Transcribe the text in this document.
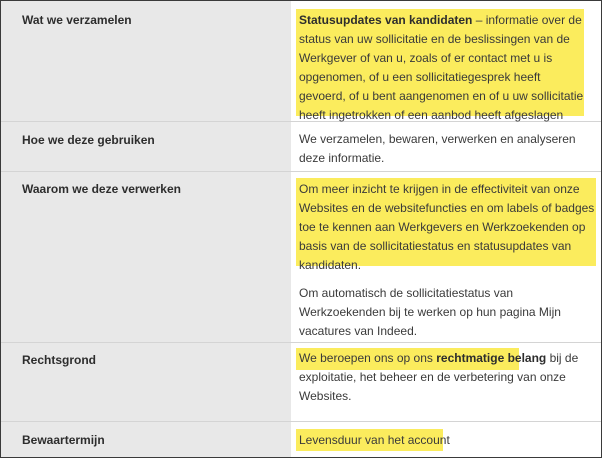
Wat we verzamelen	Statusupdates van kandidaten – informatie over de status van uw sollicitatie en de beslissingen van de Werkgever of van u, zoals of er contact met u is opgenomen, of u een sollicitatiegesprek heeft gevoerd, of u bent aangenomen en of u uw sollicitatie heeft ingetrokken of een aanbod heeft afgeslagen
Hoe we deze gebruiken	We verzamelen, bewaren, verwerken en analyseren deze informatie.
Waarom we deze verwerken	Om meer inzicht te krijgen in de effectiviteit van onze Websites en de websitefuncties en om labels of badges toe te kennen aan Werkgevers en Werkzoekenden op basis van de sollicitatiestatus en statusupdates van kandidaten.
Om automatisch de sollicitatiestatus van Werkzoekenden bij te werken op hun pagina Mijn vacatures van Indeed.
Rechtsgrond	We beroepen ons op ons rechtmatige belang bij de exploitatie, het beheer en de verbetering van onze Websites.
Bewaartermijn	Levensduur van het account
